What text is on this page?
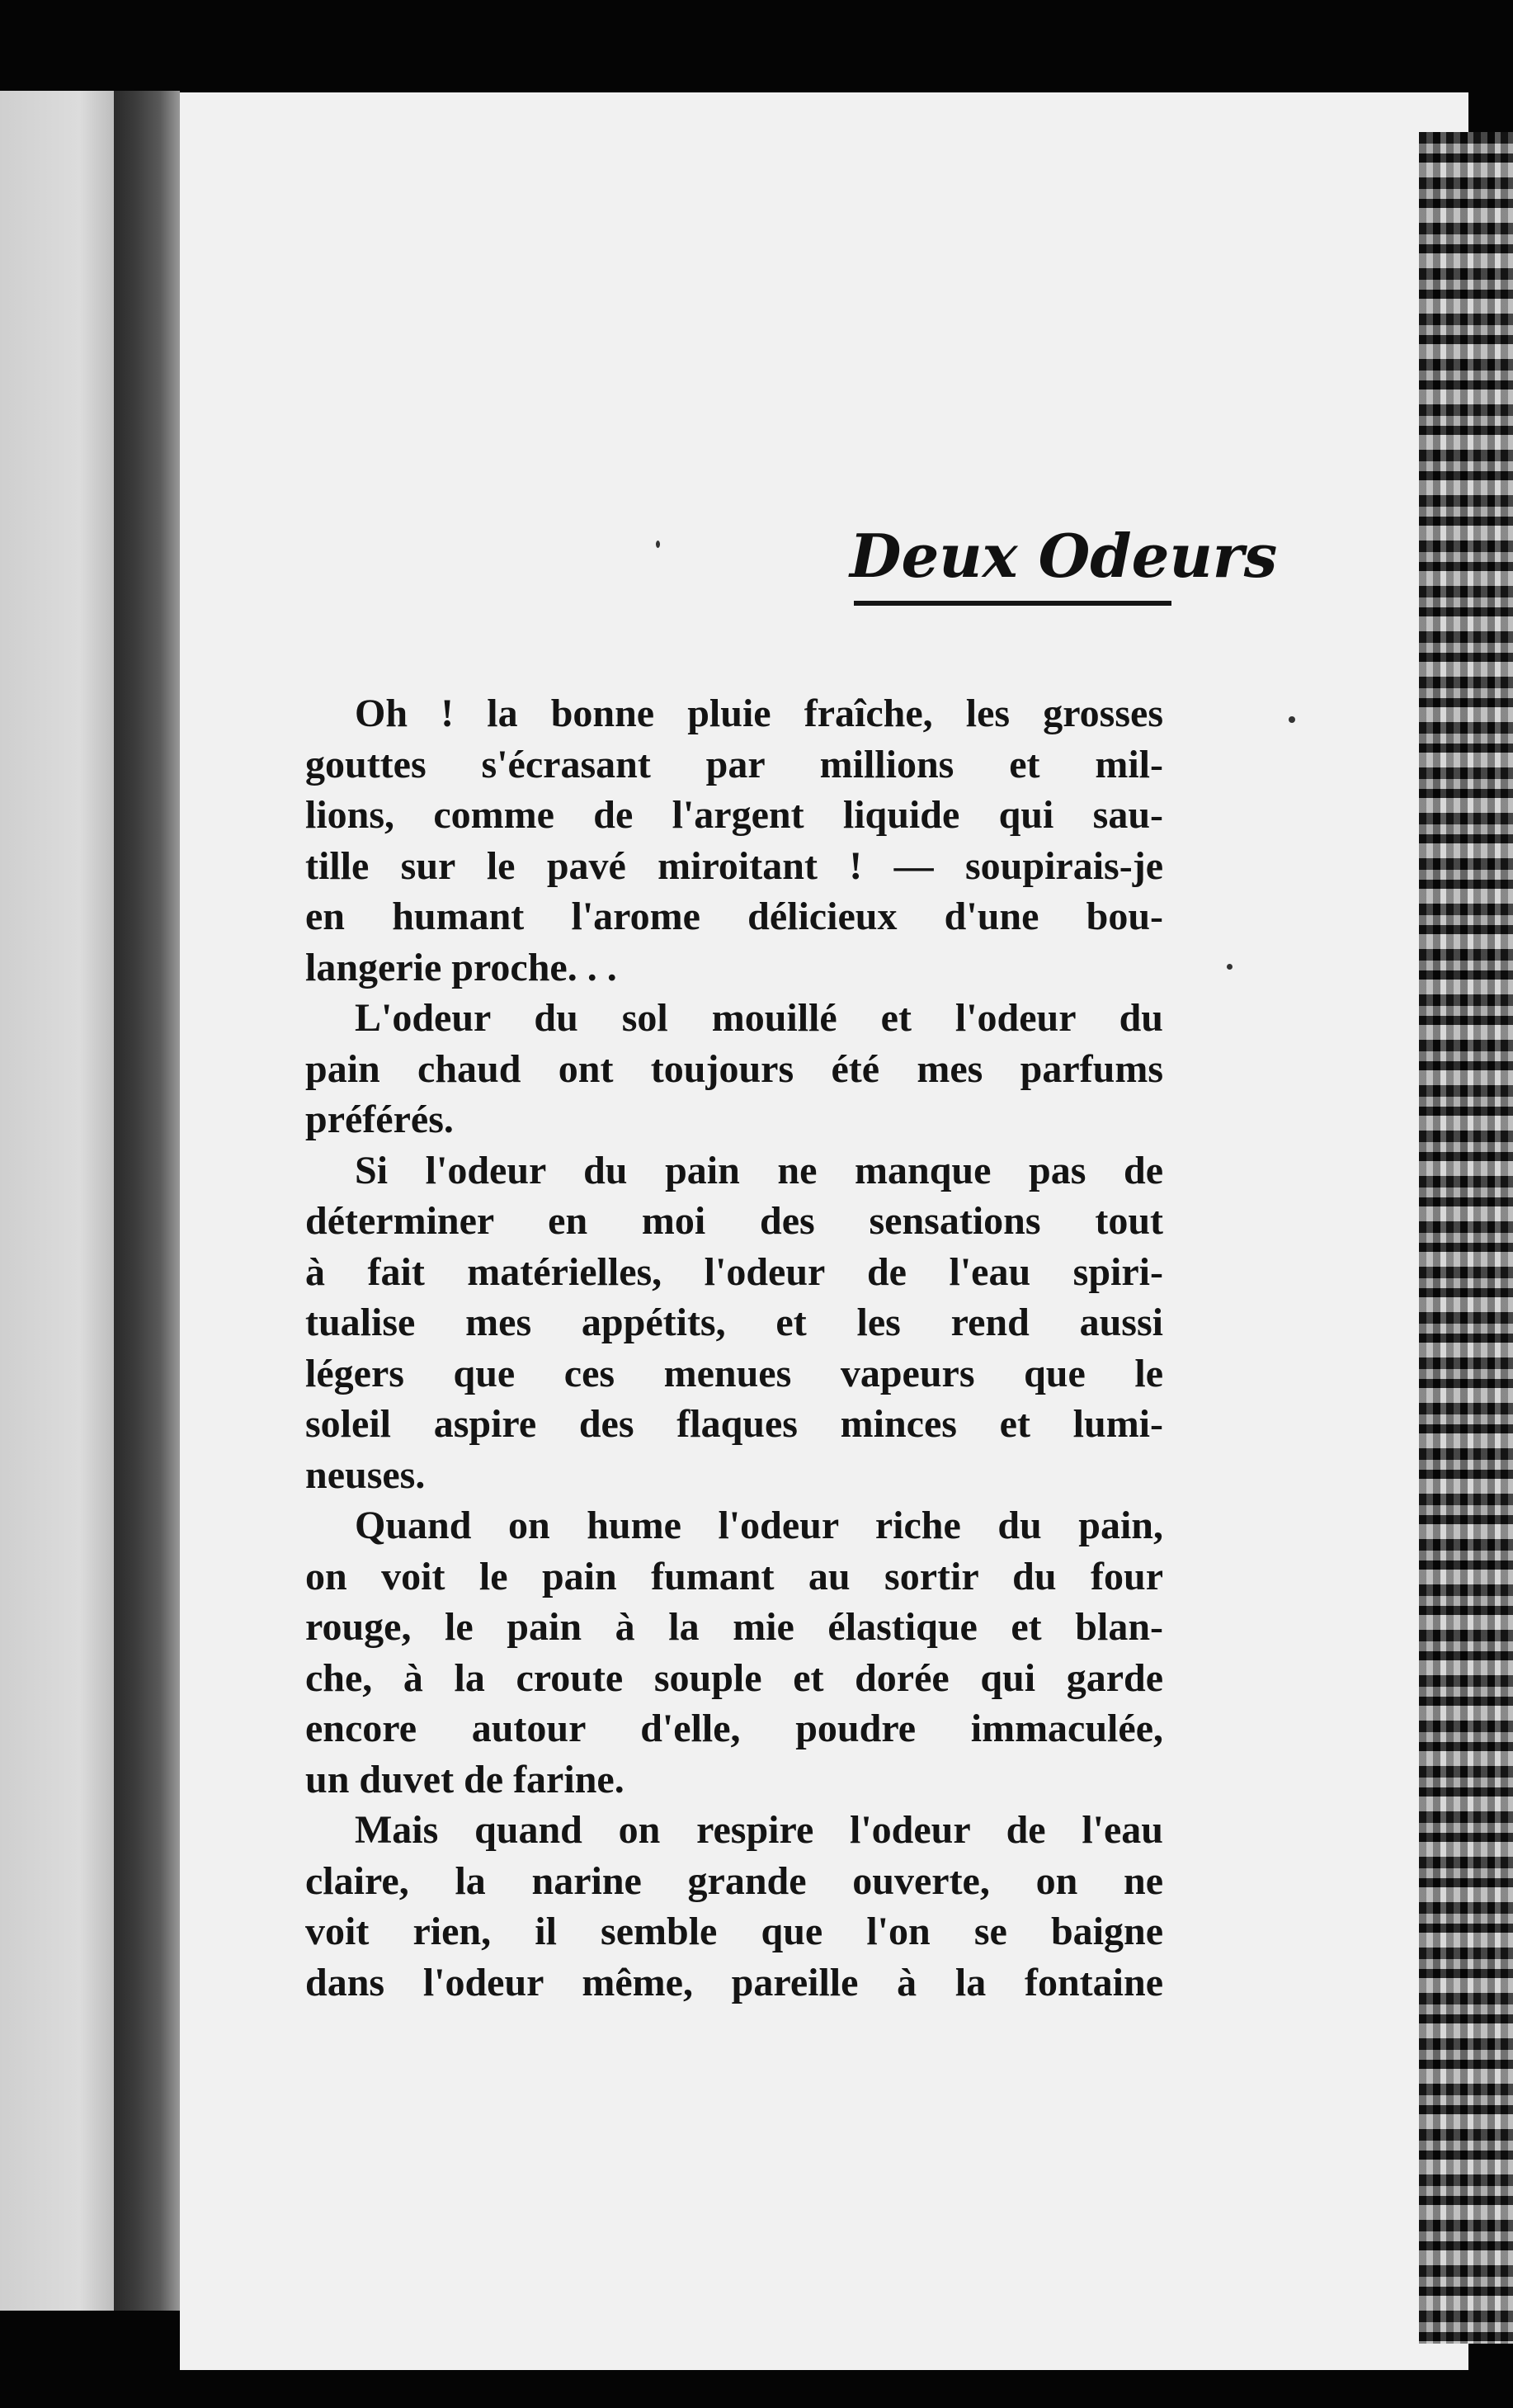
Deux Odeurs

Oh ! la bonne pluie fraîche, les grosses
gouttes s'écrasant par millions et mil-
lions, comme de l'argent liquide qui sau-
tille sur le pavé miroitant ! — soupirais-je
en humant l'arome délicieux d'une bou-
langerie proche. . .

L'odeur du sol mouillé et l'odeur du
pain chaud ont toujours été mes parfums
préférés.

Si l'odeur du pain ne manque pas de
déterminer en moi des sensations tout
à fait matérielles, l'odeur de l'eau spiri-
tualise mes appétits, et les rend aussi
légers que ces menues vapeurs que le
soleil aspire des flaques minces et lumi-
neuses.

Quand on hume l'odeur riche du pain,
on voit le pain fumant au sortir du four
rouge, le pain à la mie élastique et blan-
che, à la croute souple et dorée qui garde
encore autour d'elle, poudre immaculée,
un duvet de farine.

Mais quand on respire l'odeur de l'eau
claire, la narine grande ouverte, on ne
voit rien, il semble que l'on se baigne
dans l'odeur même, pareille à la fontaine
